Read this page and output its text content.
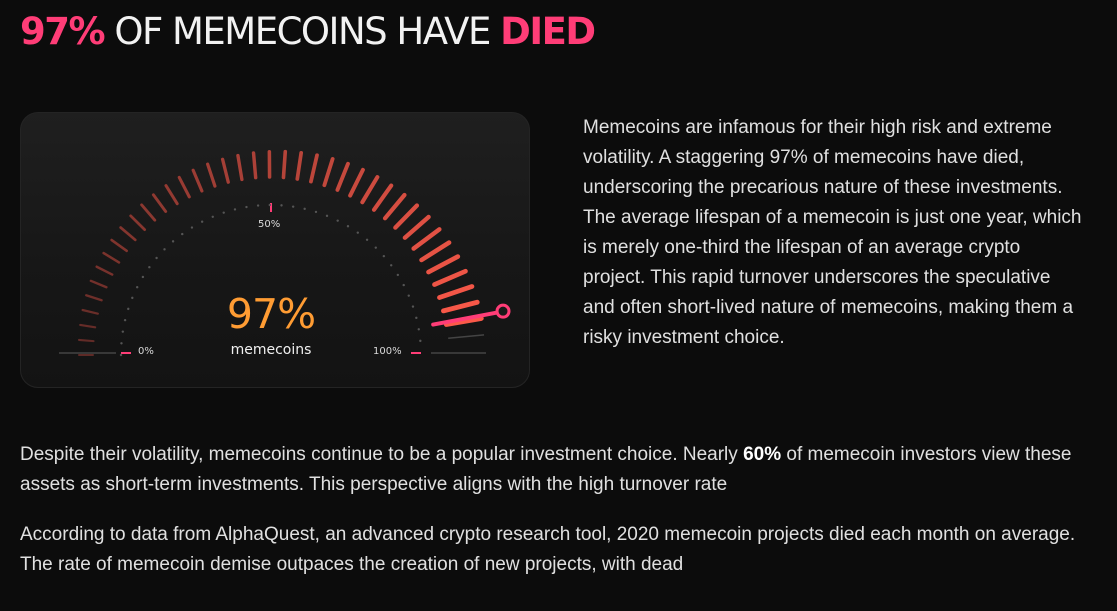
97% OF MEMECOINS HAVE DIED
97%
memecoins
0%
50%
100%

Memecoins are infamous for their high risk and extreme volatility. A staggering 97% of memecoins have died, underscoring the precarious nature of these investments. The average lifespan of a memecoin is just one year, which is merely one-third the lifespan of an average crypto project. This rapid turnover underscores the speculative and often short-lived nature of memecoins, making them a risky investment choice.

Despite their volatility, memecoins continue to be a popular investment choice. Nearly 60% of memecoin investors view these assets as short-term investments. This perspective aligns with the high turnover rate

According to data from AlphaQuest, an advanced crypto research tool, 2020 memecoin projects died each month on average. The rate of memecoin demise outpaces the creation of new projects, with dead
